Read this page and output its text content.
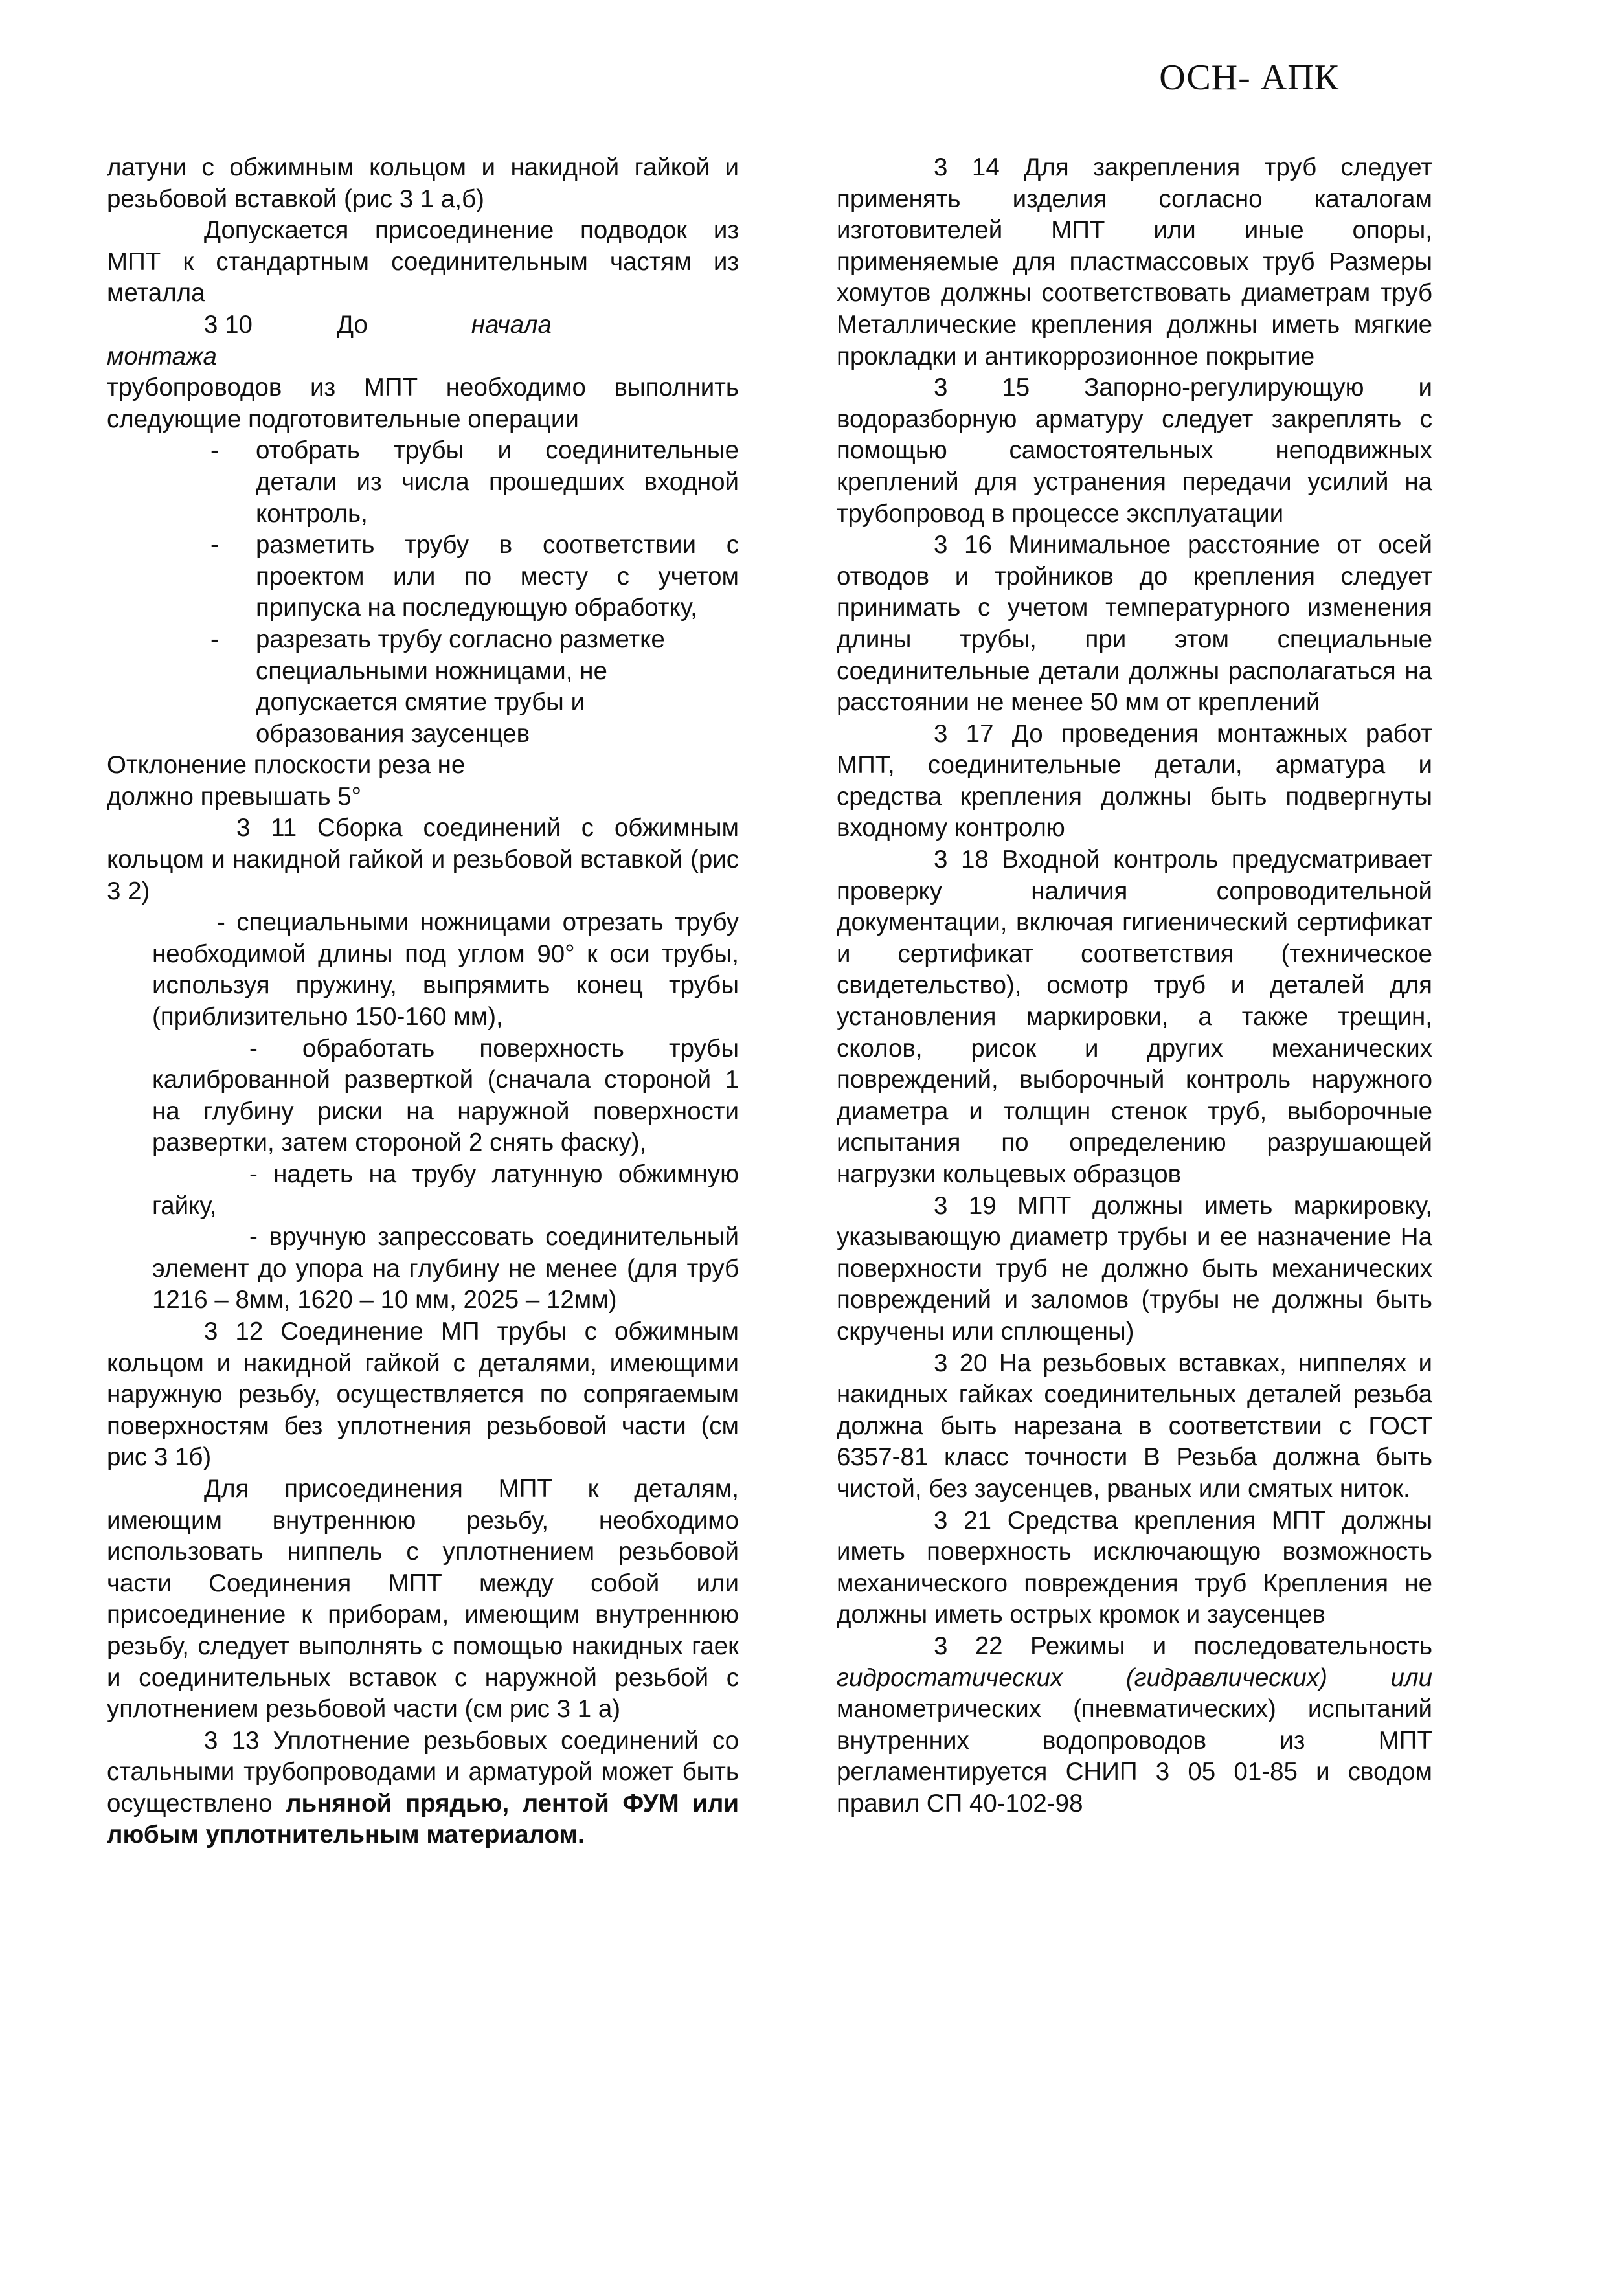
ОСН- АПК

латуни с обжимным кольцом и накидной гайкой и резьбовой вставкой (рис 3 1 а,б)

Допускается присоединение подводок из МПТ к стандартным соединительным частям из металла

3 10	До	началамонтажа

трубопроводов из МПТ необходимо выполнить следующие подготовительные операции

-	отобрать трубы и соединительные детали из числа прошедших входной контроль,

-	разметить трубу в соответствии с проектом или по месту с учетом припуска на последующую обработку,

-	разрезать трубу согласно разметке специальными ножницами, не допускается смятие трубы и образования заусенцев

Отклонение плоскости реза не должно превышать 5°

3 11 Сборка соединений с обжимным кольцом и накидной гайкой и резьбовой вставкой (рис 3 2)

- специальными ножницами отрезать трубу необходимой длины под углом 90° к оси трубы, используя пружину, выпрямить конец трубы (приблизительно 150-160 мм),

- обработать поверхность трубы калиброванной разверткой (сначала стороной 1 на глубину риски на наружной поверхности развертки, затем стороной 2 снять фаску),

- надеть на трубу латунную обжимную гайку,

- вручную запрессовать соединительный элемент до упора на глубину не менее (для труб 1216 – 8мм, 1620 – 10 мм, 2025 – 12мм)

3 12 Соединение МП трубы с обжимным кольцом и накидной гайкой с деталями, имеющими наружную резьбу, осуществляется по сопрягаемым поверхностям без уплотнения резьбовой части (см рис 3 1б)

Для присоединения МПТ к деталям, имеющим внутреннюю резьбу, необходимо использовать ниппель с уплотнением резьбовой части Соединения МПТ между собой или присоединение к приборам, имеющим внутреннюю резьбу, следует выполнять с помощью накидных гаек и соединительных вставок с наружной резьбой с уплотнением резьбовой части (см рис 3 1 а)

3 13 Уплотнение резьбовых соединений со стальными трубопроводами и арматурой может быть осуществлено льняной прядью, лентой ФУМ или любым уплотнительным материалом.

3 14 Для закрепления труб следует применять изделия согласно каталогам изготовителей МПТ или иные опоры, применяемые для пластмассовых труб Размеры хомутов должны соответствовать диаметрам труб Металлические крепления должны иметь мягкие прокладки и антикоррозионное покрытие

3 15 Запорно-регулирующую и водоразборную арматуру следует закреплять с помощью самостоятельных неподвижных креплений для устранения передачи усилий на трубопровод в процессе эксплуатации

3 16 Минимальное расстояние от осей отводов и тройников до крепления следует принимать с учетом температурного изменения длины трубы, при этом специальные соединительные детали должны располагаться на расстоянии не менее 50 мм от креплений

3 17 До проведения монтажных работ МПТ, соединительные детали, арматура и средства крепления должны быть подвергнуты входному контролю

3 18 Входной контроль предусматривает проверку наличия сопроводительной документации, включая гигиенический сертификат и сертификат соответствия (техническое свидетельство), осмотр труб и деталей для установления маркировки, а также трещин, сколов, рисок и других механических повреждений, выборочный контроль наружного диаметра и толщин стенок труб, выборочные испытания по определению разрушающей нагрузки кольцевых образцов

3 19 МПТ должны иметь маркировку, указывающую диаметр трубы и ее назначение На поверхности труб не должно быть механических повреждений и заломов (трубы не должны быть скручены или сплющены)

3 20 На резьбовых вставках, ниппелях и накидных гайках соединительных деталей резьба должна быть нарезана в соответствии с ГОСТ 6357-81 класс точности В Резьба должна быть чистой, без заусенцев, рваных или смятых ниток.

3 21 Средства крепления МПТ должны иметь поверхность исключающую возможность механического повреждения труб Крепления не должны иметь острых кромок и заусенцев

3 22 Режимы и последовательность гидростатических (гидравлических) или манометрических (пневматических) испытаний внутренних водопроводов из МПТ регламентируется СНИП 3 05 01-85 и сводом правил СП 40-102-98
